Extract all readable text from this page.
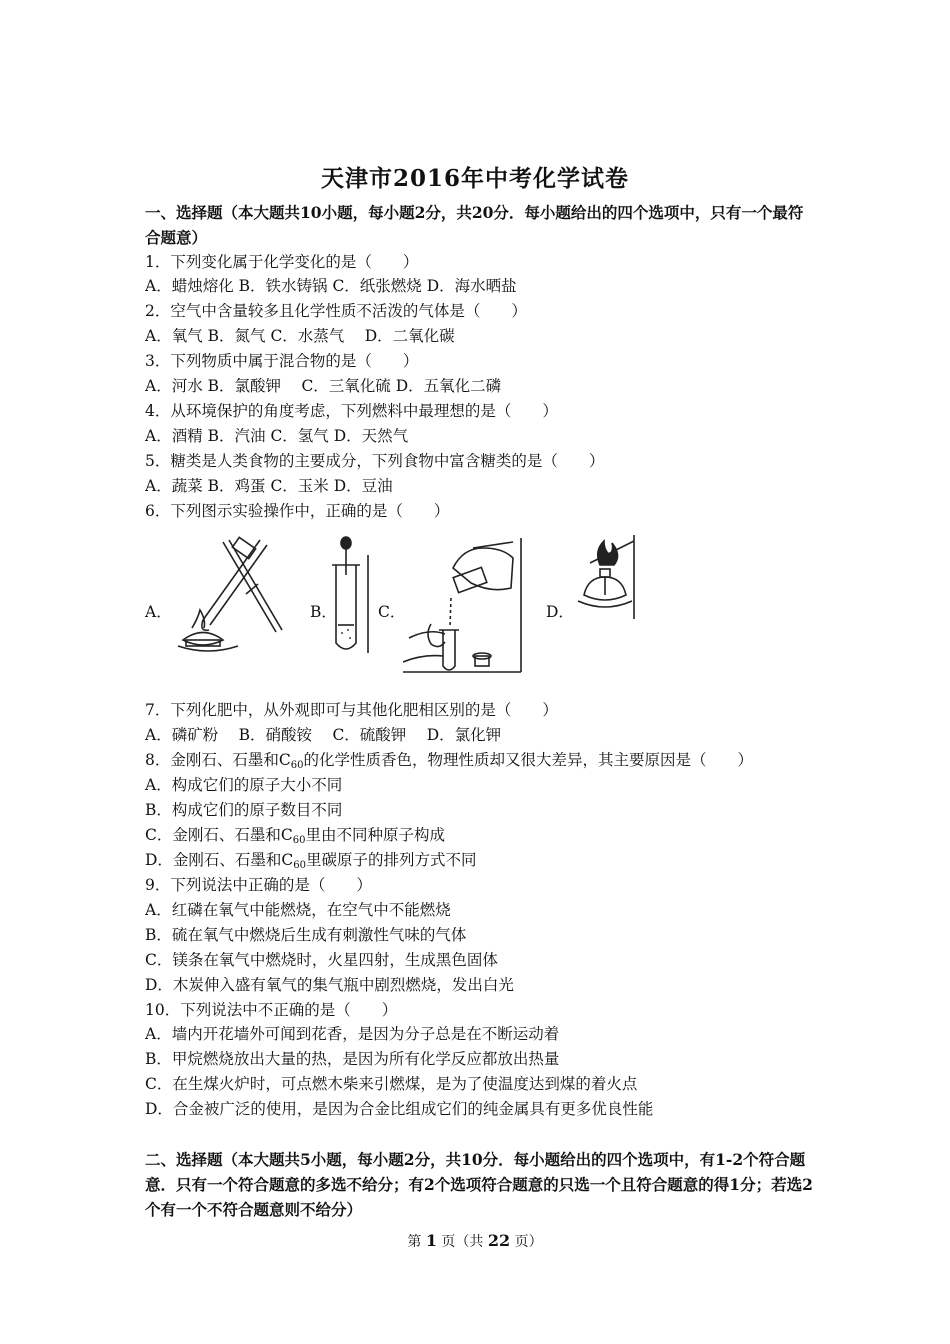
天津市2016年中考化学试卷
一、选择题（本大题共10小题，每小题2分，共20分．每小题给出的四个选项中，只有一个最符合题意）
1．下列变化属于化学变化的是（　　）
A．蜡烛熔化 B．铁水铸锅 C．纸张燃烧 D．海水晒盐
2．空气中含量较多且化学性质不活泼的气体是（　　）
A．氧气 B．氮气 C．水蒸气　 D．二氧化碳
3．下列物质中属于混合物的是（　　）
A．河水 B．氯酸钾　 C．三氧化硫 D．五氧化二磷
4．从环境保护的角度考虑，下列燃料中最理想的是（　　）
A．酒精 B．汽油 C．氢气 D．天然气
5．糖类是人类食物的主要成分，下列食物中富含糖类的是（　　）
A．蔬菜 B．鸡蛋 C．玉米 D．豆油
6．下列图示实验操作中，正确的是（　　）
A．	B．	C．	D．
7．下列化肥中，从外观即可与其他化肥相区别的是（　　）
A．磷矿粉　 B．硝酸铵　 C．硫酸钾　 D．氯化钾
8．金刚石、石墨和$C_{60}$的化学性质香色，物理性质却又很大差异，其主要原因是（　　）
A．构成它们的原子大小不同
B．构成它们的原子数目不同
C．金刚石、石墨和$C_{60}$里由不同种原子构成
D．金刚石、石墨和$C_{60}$里碳原子的排列方式不同
9．下列说法中正确的是（　　）
A．红磷在氧气中能燃烧，在空气中不能燃烧
B．硫在氧气中燃烧后生成有刺激性气味的气体
C．镁条在氧气中燃烧时，火星四射，生成黑色固体
D．木炭伸入盛有氧气的集气瓶中剧烈燃烧，发出白光
10．下列说法中不正确的是（　　）
A．墙内开花墙外可闻到花香，是因为分子总是在不断运动着
B．甲烷燃烧放出大量的热，是因为所有化学反应都放出热量
C．在生煤火炉时，可点燃木柴来引燃煤，是为了使温度达到煤的着火点
D．合金被广泛的使用，是因为合金比组成它们的纯金属具有更多优良性能
二、选择题（本大题共5小题，每小题2分，共10分．每小题给出的四个选项中，有1-2个符合题意．只有一个符合题意的多选不给分；有2个选项符合题意的只选一个且符合题意的得1分；若选2个有一个不符合题意则不给分）
第 1 页（共 22 页）
